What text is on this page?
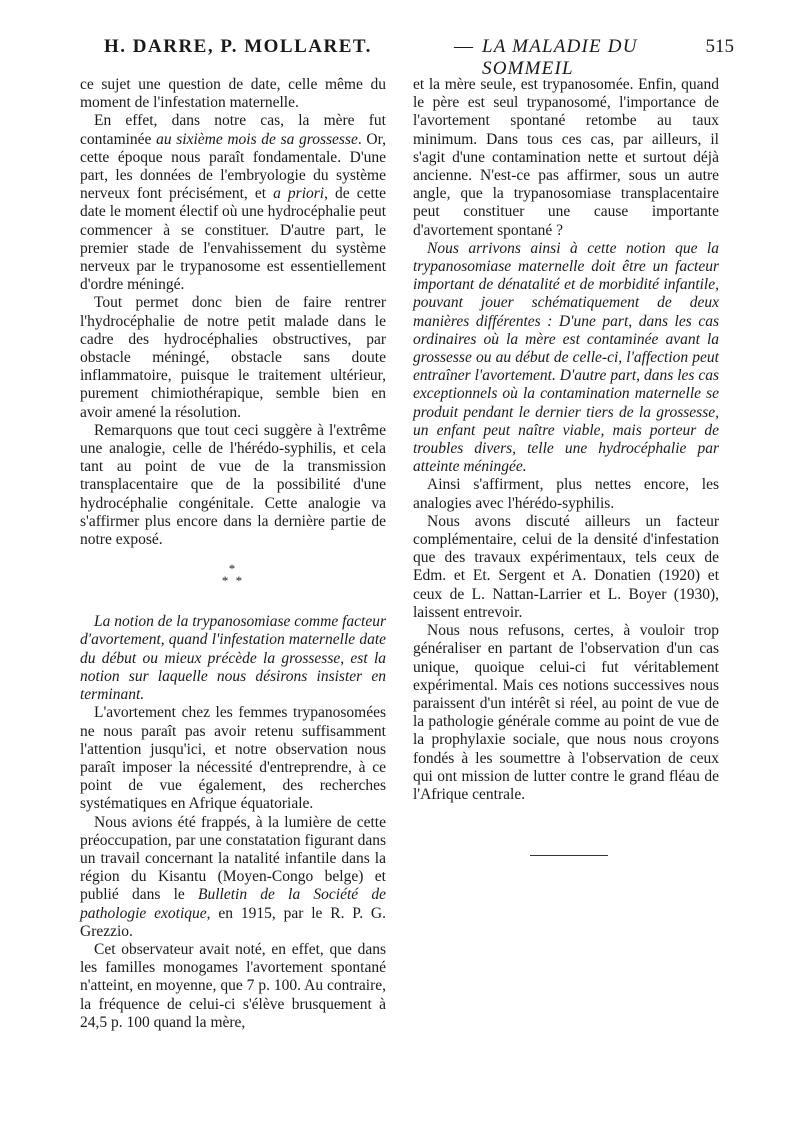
H. DARRE, P. MOLLARET.	— LA MALADIE DU SOMMEIL
515

ce sujet une question de date, celle même du moment de l'infestation maternelle.

En effet, dans notre cas, la mère fut contaminée au sixième mois de sa grossesse. Or, cette époque nous paraît fondamentale. D'une part, les données de l'embryologie du système nerveux font précisément, et a priori, de cette date le moment électif où une hydrocéphalie peut commencer à se constituer. D'autre part, le premier stade de l'envahissement du système nerveux par le trypanosome est essentiellement d'ordre méningé.

Tout permet donc bien de faire rentrer l'hydrocéphalie de notre petit malade dans le cadre des hydrocéphalies obstructives, par obstacle méningé, obstacle sans doute inflammatoire, puisque le traitement ultérieur, purement chimiothérapique, semble bien en avoir amené la résolution.

Remarquons que tout ceci suggère à l'extrême une analogie, celle de l'hérédo-syphilis, et cela tant au point de vue de la transmission transplacentaire que de la possibilité d'une hydrocéphalie congénitale. Cette analogie va s'affirmer plus encore dans la dernière partie de notre exposé.

*
* *

La notion de la trypanosomiase comme facteur d'avortement, quand l'infestation maternelle date du début ou mieux précède la grossesse, est la notion sur laquelle nous désirons insister en terminant.

L'avortement chez les femmes trypanosomées ne nous paraît pas avoir retenu suffisamment l'attention jusqu'ici, et notre observation nous paraît imposer la nécessité d'entreprendre, à ce point de vue également, des recherches systématiques en Afrique équatoriale.

Nous avions été frappés, à la lumière de cette préoccupation, par une constatation figurant dans un travail concernant la natalité infantile dans la région du Kisantu (Moyen-Congo belge) et publié dans le Bulletin de la Société de pathologie exotique, en 1915, par le R. P. G. Grezzio.

Cet observateur avait noté, en effet, que dans les familles monogames l'avortement spontané n'atteint, en moyenne, que 7 p. 100. Au contraire, la fréquence de celui-ci s'élève brusquement à 24,5 p. 100 quand la mère,

et la mère seule, est trypanosomée. Enfin, quand le père est seul trypanosomé, l'importance de l'avortement spontané retombe au taux minimum. Dans tous ces cas, par ailleurs, il s'agit d'une contamination nette et surtout déjà ancienne. N'est-ce pas affirmer, sous un autre angle, que la trypanosomiase transplacentaire peut constituer une cause importante d'avortement spontané ?

Nous arrivons ainsi à cette notion que la trypanosomiase maternelle doit être un facteur important de dénatalité et de morbidité infantile, pouvant jouer schématiquement de deux manières différentes : D'une part, dans les cas ordinaires où la mère est contaminée avant la grossesse ou au début de celle-ci, l'affection peut entraîner l'avortement. D'autre part, dans les cas exceptionnels où la contamination maternelle se produit pendant le dernier tiers de la grossesse, un enfant peut naître viable, mais porteur de troubles divers, telle une hydrocéphalie par atteinte méningée.

Ainsi s'affirment, plus nettes encore, les analogies avec l'hérédo-syphilis.

Nous avons discuté ailleurs un facteur complémentaire, celui de la densité d'infestation que des travaux expérimentaux, tels ceux de Edm. et Et. Sergent et A. Donatien (1920) et ceux de L. Nattan-Larrier et L. Boyer (1930), laissent entrevoir.

Nous nous refusons, certes, à vouloir trop généraliser en partant de l'observation d'un cas unique, quoique celui-ci fut véritablement expérimental. Mais ces notions successives nous paraissent d'un intérêt si réel, au point de vue de la pathologie générale comme au point de vue de la prophylaxie sociale, que nous nous croyons fondés à les soumettre à l'observation de ceux qui ont mission de lutter contre le grand fléau de l'Afrique centrale.
